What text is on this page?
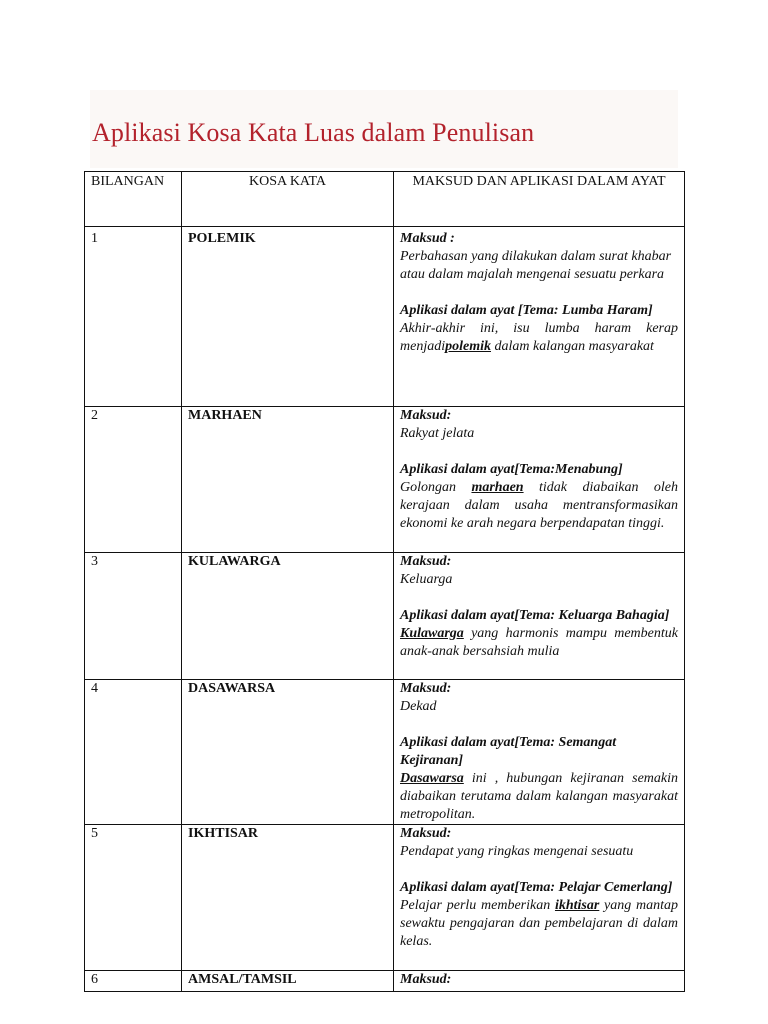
Aplikasi Kosa Kata Luas dalam Penulisan
BILANGAN	KOSA KATA	MAKSUD DAN APLIKASI DALAM AYAT
1	POLEMIK	Maksud :
Perbahasan yang dilakukan dalam surat khabar atau dalam majalah mengenai sesuatu perkara
Aplikasi dalam ayat [Tema: Lumba Haram]
Akhir-akhir ini, isu lumba haram kerap menjadipolemik dalam kalangan masyarakat

2	MARHAEN	Maksud:
Rakyat jelata
Aplikasi dalam ayat[Tema:Menabung]
Golongan marhaen tidak diabaikan oleh kerajaan dalam usaha mentransformasikan ekonomi ke arah negara berpendapatan tinggi.

3	KULAWARGA	Maksud:
Keluarga
Aplikasi dalam ayat[Tema: Keluarga Bahagia]
Kulawarga yang harmonis mampu membentuk anak-anak bersahsiah mulia

4	DASAWARSA	Maksud:
Dekad
Aplikasi dalam ayat[Tema: Semangat Kejiranan]
Dasawarsa ini , hubungan kejiranan semakin diabaikan terutama dalam kalangan masyarakat metropolitan.

5	IKHTISAR	Maksud:
Pendapat yang ringkas mengenai sesuatu
Aplikasi dalam ayat[Tema: Pelajar Cemerlang]
Pelajar perlu memberikan ikhtisar yang mantap sewaktu pengajaran dan pembelajaran di dalam kelas.

6	AMSAL/TAMSIL	Maksud:
